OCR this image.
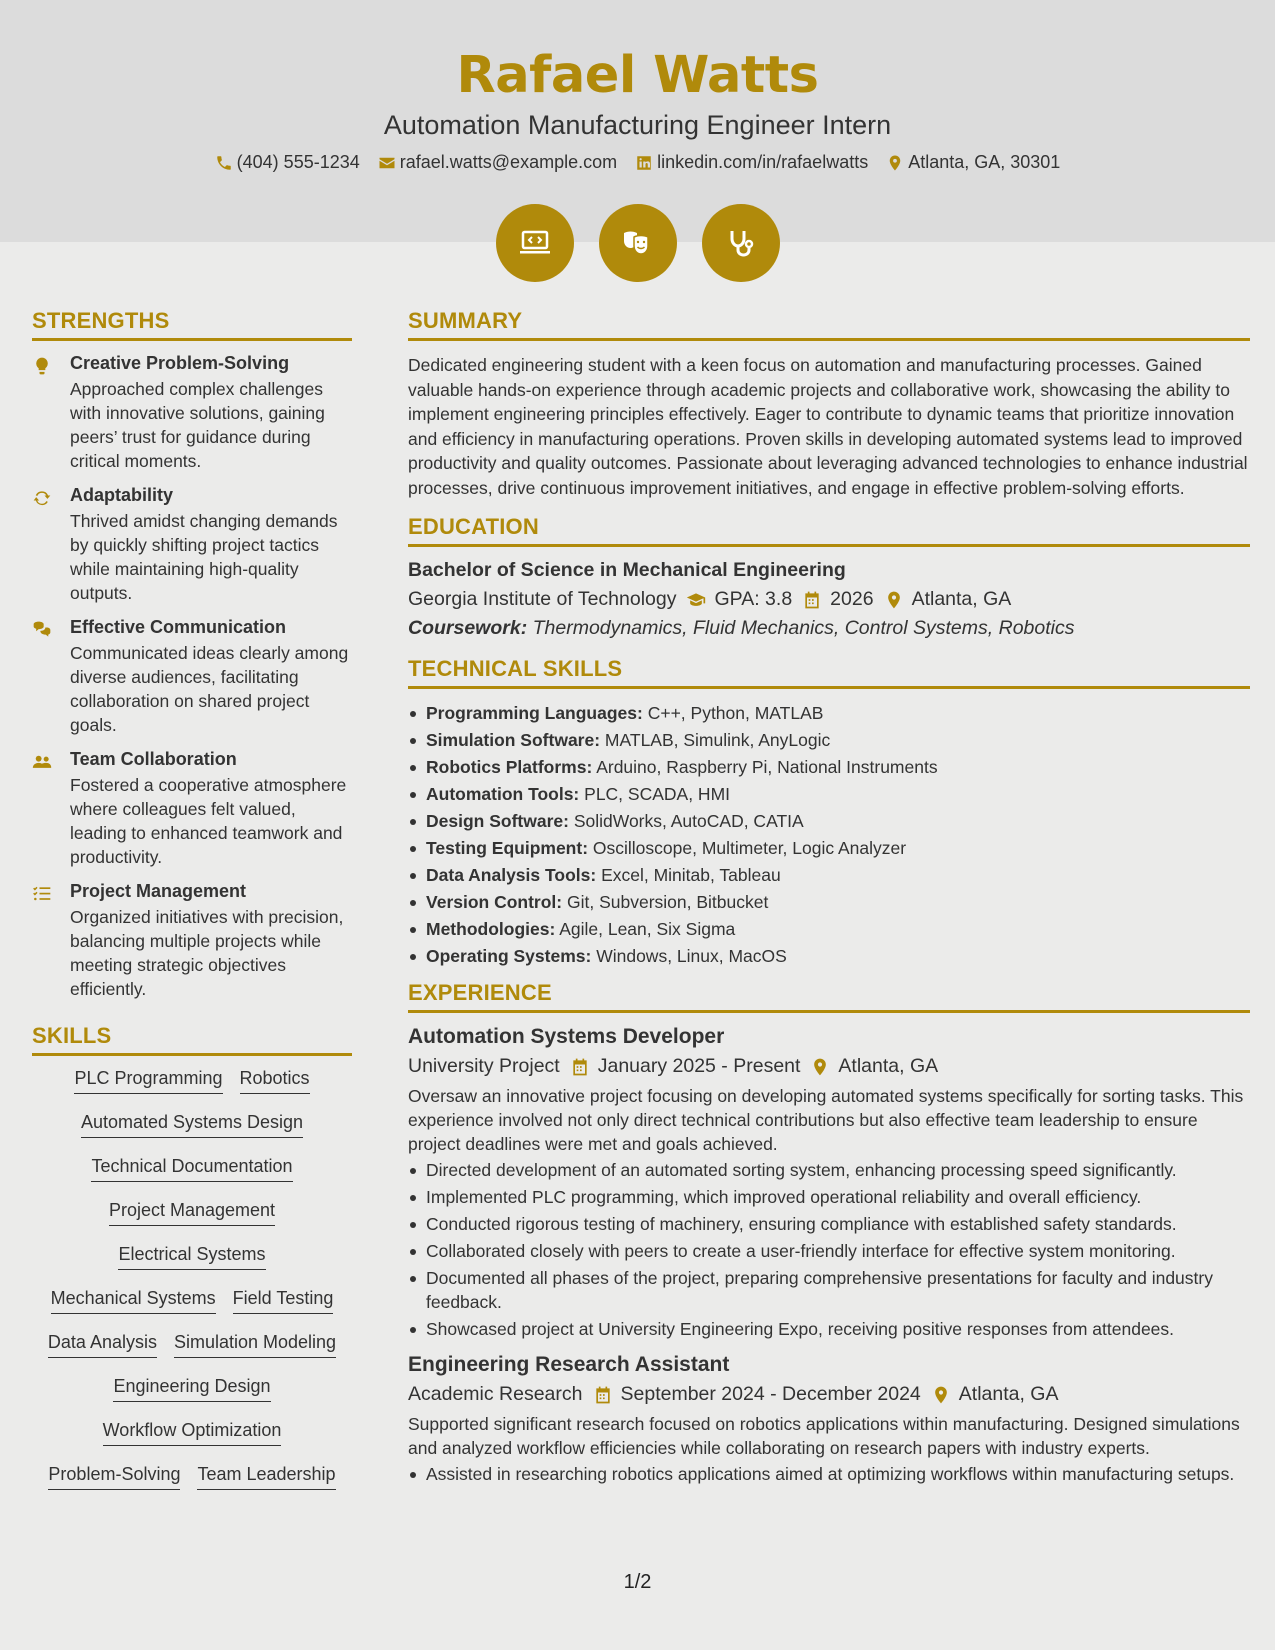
Rafael Watts
Automation Manufacturing Engineer Intern
(404) 555-1234 rafael.watts@example.com linkedin.com/in/rafaelwatts Atlanta, GA, 30301
STRENGTHS
Creative Problem-Solving
Approached complex challenges with innovative solutions, gaining peers’ trust for guidance during critical moments.
Adaptability
Thrived amidst changing demands by quickly shifting project tactics while maintaining high-quality outputs.
Effective Communication
Communicated ideas clearly among diverse audiences, facilitating collaboration on shared project goals.
Team Collaboration
Fostered a cooperative atmosphere where colleagues felt valued, leading to enhanced teamwork and productivity.
Project Management
Organized initiatives with precision, balancing multiple projects while meeting strategic objectives efficiently.
SKILLS
PLC Programming Robotics
Automated Systems Design
Technical Documentation
Project Management
Electrical Systems
Mechanical Systems Field Testing
Data Analysis Simulation Modeling
Engineering Design
Workflow Optimization
Problem-Solving Team Leadership
SUMMARY

Dedicated engineering student with a keen focus on automation and manufacturing processes. Gained valuable hands-on experience through academic projects and collaborative work, showcasing the ability to implement engineering principles effectively. Eager to contribute to dynamic teams that prioritize innovation and efficiency in manufacturing operations. Proven skills in developing automated systems lead to improved productivity and quality outcomes. Passionate about leveraging advanced technologies to enhance industrial processes, drive continuous improvement initiatives, and engage in effective problem-solving efforts.

EDUCATION
Bachelor of Science in Mechanical Engineering
Georgia Institute of Technology GPA: 3.8 2026 Atlanta, GA
Coursework: Thermodynamics, Fluid Mechanics, Control Systems, Robotics
TECHNICAL SKILLS
Programming Languages: C++, Python, MATLAB
Simulation Software: MATLAB, Simulink, AnyLogic
Robotics Platforms: Arduino, Raspberry Pi, National Instruments
Automation Tools: PLC, SCADA, HMI
Design Software: SolidWorks, AutoCAD, CATIA
Testing Equipment: Oscilloscope, Multimeter, Logic Analyzer
Data Analysis Tools: Excel, Minitab, Tableau
Version Control: Git, Subversion, Bitbucket
Methodologies: Agile, Lean, Six Sigma
Operating Systems: Windows, Linux, MacOS
EXPERIENCE
Automation Systems Developer
University Project January 2025 - Present Atlanta, GA

Oversaw an innovative project focusing on developing automated systems specifically for sorting tasks. This experience involved not only direct technical contributions but also effective team leadership to ensure project deadlines were met and goals achieved.

Directed development of an automated sorting system, enhancing processing speed significantly.
Implemented PLC programming, which improved operational reliability and overall efficiency.
Conducted rigorous testing of machinery, ensuring compliance with established safety standards.
Collaborated closely with peers to create a user-friendly interface for effective system monitoring.
Documented all phases of the project, preparing comprehensive presentations for faculty and industry feedback.
Showcased project at University Engineering Expo, receiving positive responses from attendees.
Engineering Research Assistant
Academic Research September 2024 - December 2024 Atlanta, GA

Supported significant research focused on robotics applications within manufacturing. Designed simulations and analyzed workflow efficiencies while collaborating on research papers with industry experts.

Assisted in researching robotics applications aimed at optimizing workflows within manufacturing setups.
1/2
